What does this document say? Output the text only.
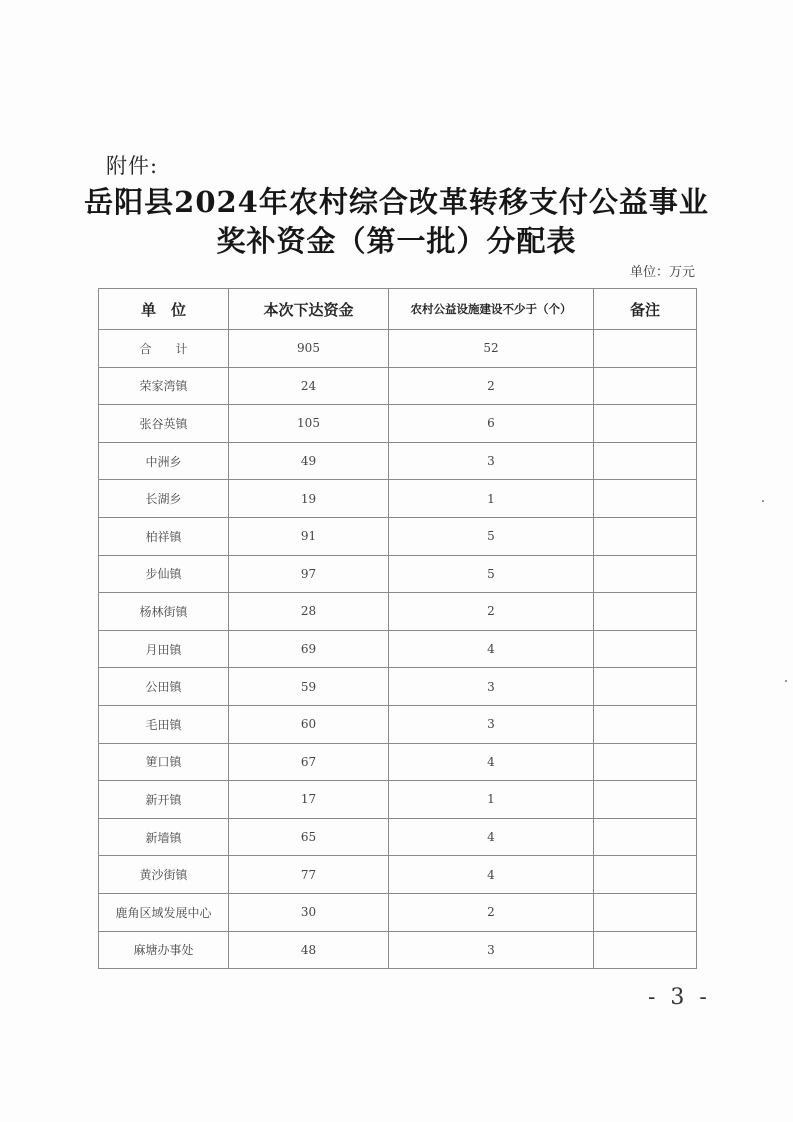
附件:
岳阳县2024年农村综合改革转移支付公益事业
奖补资金（第一批）分配表
单位：万元
单　位	本次下达资金	农村公益设施建设不少于（个）	备注
合　　计	905	52	
荣家湾镇	24	2	
张谷英镇	105	6	
中洲乡	49	3	
长湖乡	19	1	
柏祥镇	91	5	
步仙镇	97	5	
杨林街镇	28	2	
月田镇	69	4	
公田镇	59	3	
毛田镇	60	3	
筻口镇	67	4	
新开镇	17	1	
新墙镇	65	4	
黄沙街镇	77	4	
鹿角区域发展中心	30	2	
麻塘办事处	48	3	
- 3 -
